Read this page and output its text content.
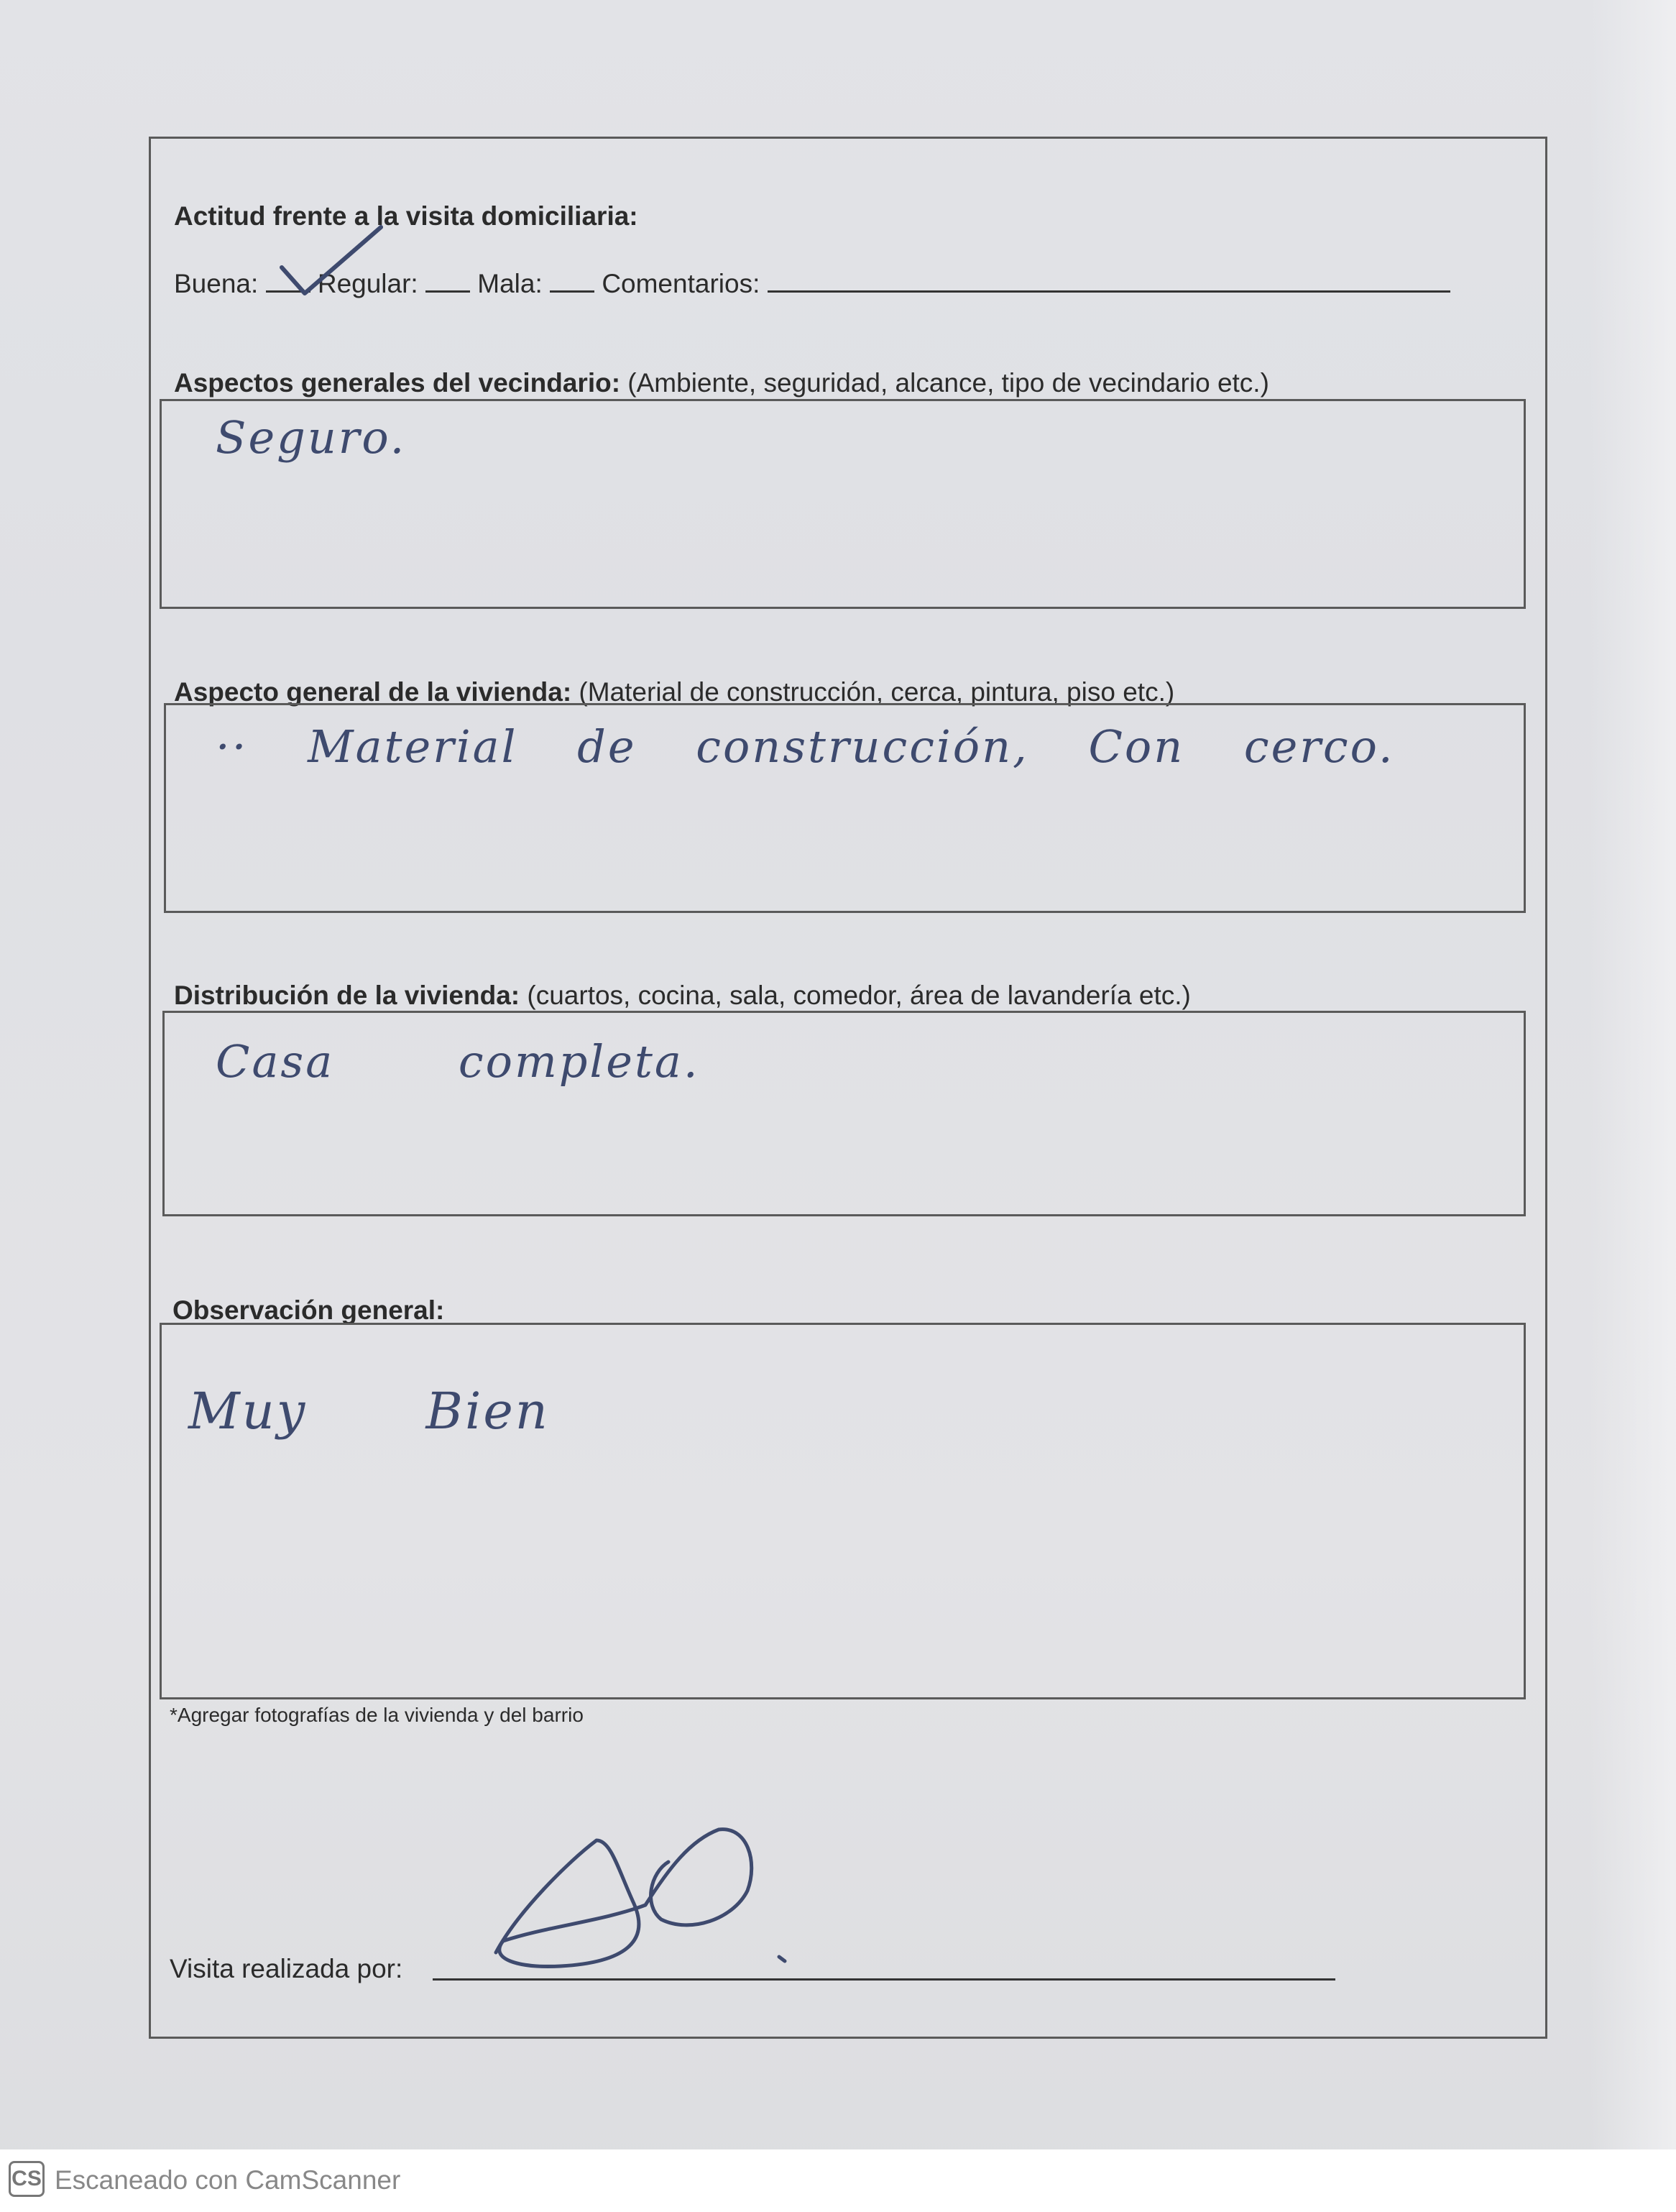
Actitud frente a la visita domiciliaria:
Buena: Regular: Mala: Comentarios:
Aspectos generales del vecindario: (Ambiente, seguridad, alcance, tipo de vecindario etc.)
Seguro.
Aspecto general de la vivienda: (Material de construcción, cerca, pintura, piso etc.)
·· Material de construcción, Con cerco.
Distribución de la vivienda: (cuartos, cocina, sala, comedor, área de lavandería etc.)
Casa completa.
Observación general:
Muy Bien
*Agregar fotografías de la vivienda y del barrio
Visita realizada por:
CS Escaneado con CamScanner
